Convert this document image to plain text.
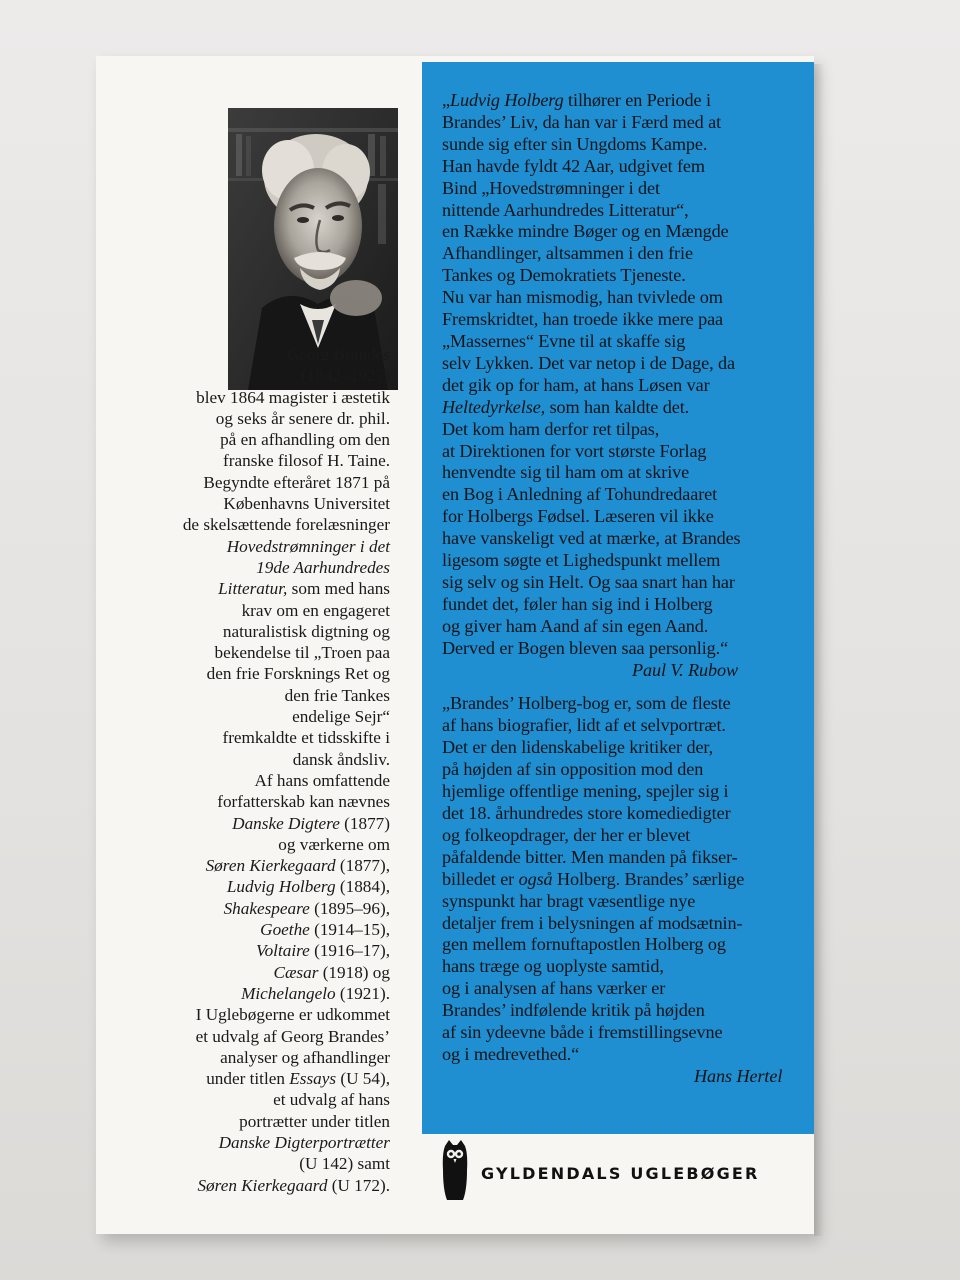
Georg Brandes
(1842–1927)
blev 1864 magister i æstetik
og seks år senere dr. phil.
på en afhandling om den
franske filosof H. Taine.
Begyndte efteråret 1871 på
Københavns Universitet
de skelsættende forelæsninger
Hovedstrømninger i det
19de Aarhundredes
Litteratur, som med hans
krav om en engageret
naturalistisk digtning og
bekendelse til „Troen paa
den frie Forsknings Ret og
den frie Tankes
endelige Sejr“
fremkaldte et tidsskifte i
dansk åndsliv.
Af hans omfattende
forfatterskab kan nævnes
Danske Digtere (1877)
og værkerne om
Søren Kierkegaard (1877),
Ludvig Holberg (1884),
Shakespeare (1895–96),
Goethe (1914–15),
Voltaire (1916–17),
Cæsar (1918) og
Michelangelo (1921).
I Uglebøgerne er udkommet
et udvalg af Georg Brandes’
analyser og afhandlinger
under titlen Essays (U 54),
et udvalg af hans
portrætter under titlen
Danske Digterportrætter
(U 142) samt
Søren Kierkegaard (U 172).
„Ludvig Holberg tilhører en Periode i
Brandes’ Liv, da han var i Færd med at
sunde sig efter sin Ungdoms Kampe.
Han havde fyldt 42 Aar, udgivet fem
Bind „Hovedstrømninger i det
nittende Aarhundredes Litteratur“,
en Række mindre Bøger og en Mængde
Afhandlinger, altsammen i den frie
Tankes og Demokratiets Tjeneste.
Nu var han mismodig, han tvivlede om
Fremskridtet, han troede ikke mere paa
„Massernes“ Evne til at skaffe sig
selv Lykken. Det var netop i de Dage, da
det gik op for ham, at hans Løsen var
Heltedyrkelse, som han kaldte det.
Det kom ham derfor ret tilpas,
at Direktionen for vort største Forlag
henvendte sig til ham om at skrive
en Bog i Anledning af Tohundredaaret
for Holbergs Fødsel. Læseren vil ikke
have vanskeligt ved at mærke, at Brandes
ligesom søgte et Lighedspunkt mellem
sig selv og sin Helt. Og saa snart han har
fundet det, føler han sig ind i Holberg
og giver ham Aand af sin egen Aand.
Derved er Bogen bleven saa personlig.“
Paul V. Rubow
„Brandes’ Holberg-bog er, som de fleste
af hans biografier, lidt af et selvportræt.
Det er den lidenskabelige kritiker der,
på højden af sin opposition mod den
hjemlige offentlige mening, spejler sig i
det 18. århundredes store komediedigter
og folkeopdrager, der her er blevet
påfaldende bitter. Men manden på fikser-
billedet er også Holberg. Brandes’ særlige
synspunkt har bragt væsentlige nye
detaljer frem i belysningen af modsætnin-
gen mellem fornuftapostlen Holberg og
hans træge og uoplyste samtid,
og i analysen af hans værker er
Brandes’ indfølende kritik på højden
af sin ydeevne både i fremstillingsevne
og i medrevethed.“
Hans Hertel
GYLDENDALS UGLEBØGER
